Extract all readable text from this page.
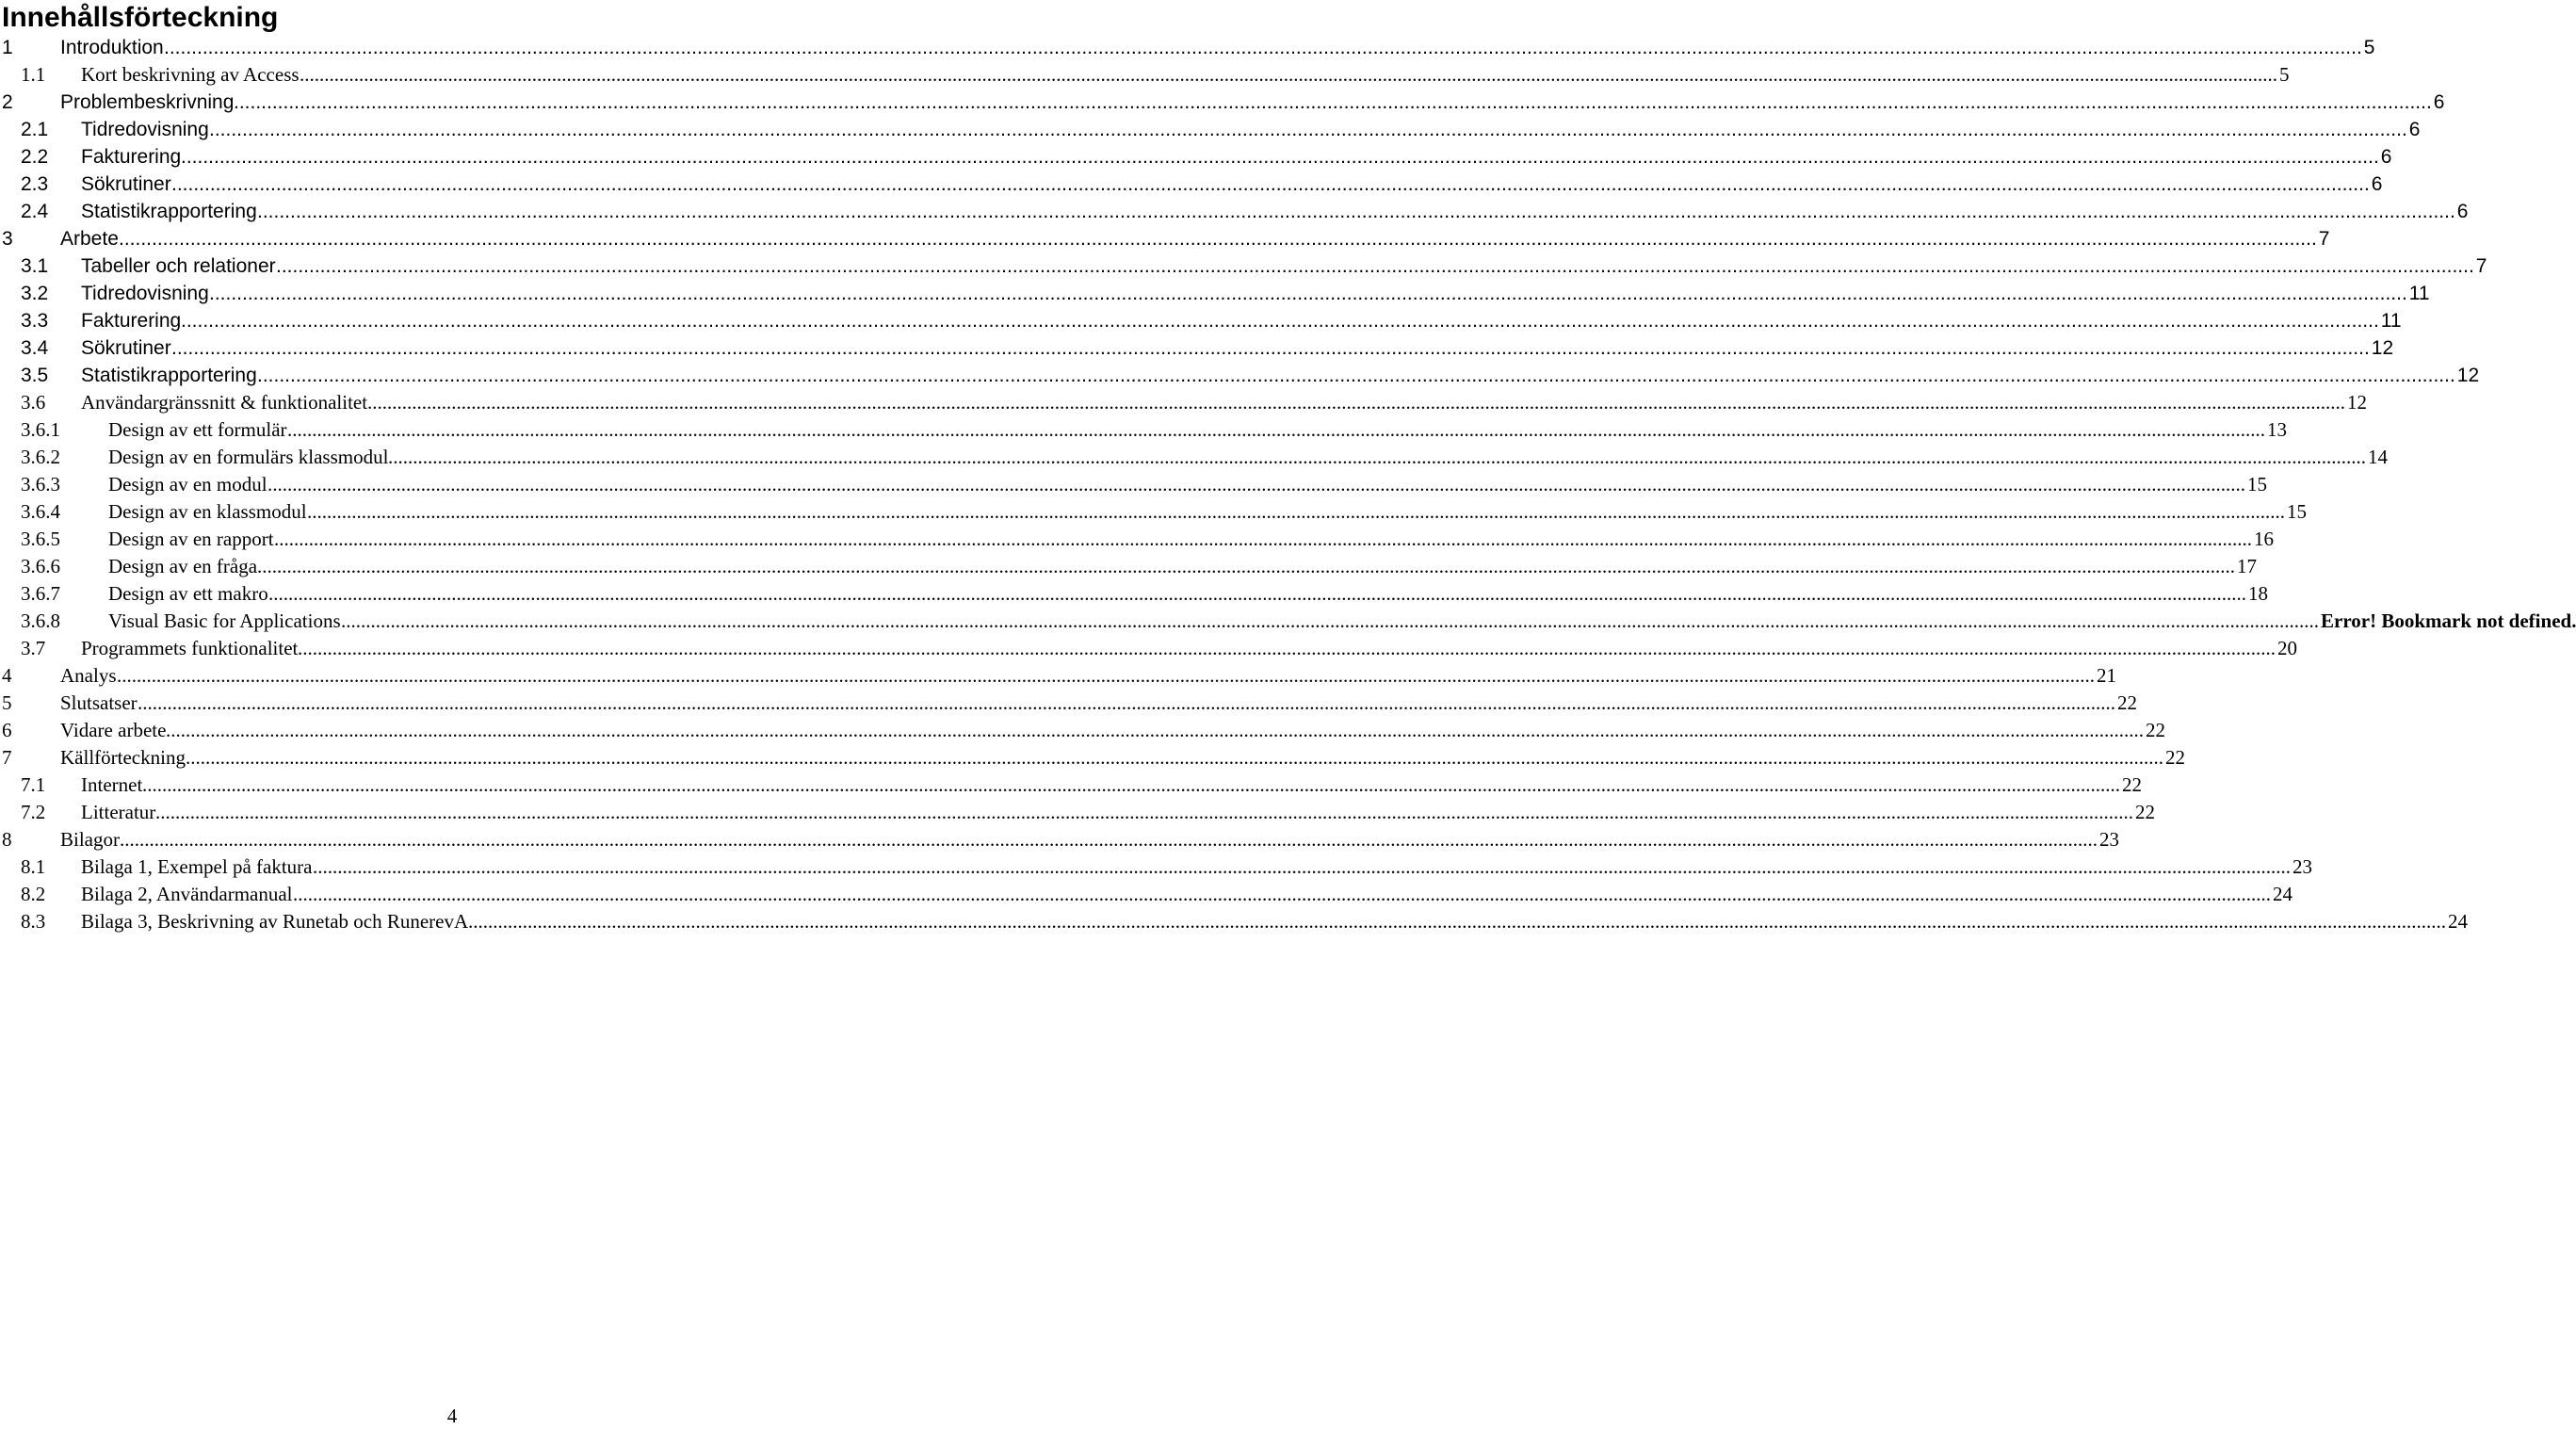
Innehållsförteckning
1 Introduktion ................................................................................................................................................................................................................................................................................................................................................................................................................ 5
1.1 Kort beskrivning av Access ................................................................................................................................................................................................................................................................................................................................................................................................................ 5
2 Problembeskrivning ................................................................................................................................................................................................................................................................................................................................................................................................................ 6
2.1 Tidredovisning ................................................................................................................................................................................................................................................................................................................................................................................................................ 6
2.2 Fakturering ................................................................................................................................................................................................................................................................................................................................................................................................................ 6
2.3 Sökrutiner ................................................................................................................................................................................................................................................................................................................................................................................................................ 6
2.4 Statistikrapportering ................................................................................................................................................................................................................................................................................................................................................................................................................ 6
3 Arbete ................................................................................................................................................................................................................................................................................................................................................................................................................ 7
3.1 Tabeller och relationer ................................................................................................................................................................................................................................................................................................................................................................................................................ 7
3.2 Tidredovisning ................................................................................................................................................................................................................................................................................................................................................................................................................ 11
3.3 Fakturering ................................................................................................................................................................................................................................................................................................................................................................................................................ 11
3.4 Sökrutiner ................................................................................................................................................................................................................................................................................................................................................................................................................ 12
3.5 Statistikrapportering ................................................................................................................................................................................................................................................................................................................................................................................................................ 12
3.6 Användargränssnitt & funktionalitet ................................................................................................................................................................................................................................................................................................................................................................................................................ 12
3.6.1 Design av ett formulär ................................................................................................................................................................................................................................................................................................................................................................................................................ 13
3.6.2 Design av en formulärs klassmodul ................................................................................................................................................................................................................................................................................................................................................................................................................ 14
3.6.3 Design av en modul ................................................................................................................................................................................................................................................................................................................................................................................................................ 15
3.6.4 Design av en klassmodul ................................................................................................................................................................................................................................................................................................................................................................................................................ 15
3.6.5 Design av en rapport ................................................................................................................................................................................................................................................................................................................................................................................................................ 16
3.6.6 Design av en fråga ................................................................................................................................................................................................................................................................................................................................................................................................................ 17
3.6.7 Design av ett makro ................................................................................................................................................................................................................................................................................................................................................................................................................ 18
3.6.8 Visual Basic for Applications ................................................................................................................................................................................................................................................................................................................................................................................................................ Error! Bookmark not defined.
3.7 Programmets funktionalitet ................................................................................................................................................................................................................................................................................................................................................................................................................ 20
4 Analys ................................................................................................................................................................................................................................................................................................................................................................................................................ 21
5 Slutsatser ................................................................................................................................................................................................................................................................................................................................................................................................................ 22
6 Vidare arbete ................................................................................................................................................................................................................................................................................................................................................................................................................ 22
7 Källförteckning ................................................................................................................................................................................................................................................................................................................................................................................................................ 22
7.1 Internet ................................................................................................................................................................................................................................................................................................................................................................................................................ 22
7.2 Litteratur ................................................................................................................................................................................................................................................................................................................................................................................................................ 22
8 Bilagor ................................................................................................................................................................................................................................................................................................................................................................................................................ 23
8.1 Bilaga 1, Exempel på faktura ................................................................................................................................................................................................................................................................................................................................................................................................................ 23
8.2 Bilaga 2, Användarmanual ................................................................................................................................................................................................................................................................................................................................................................................................................ 24
8.3 Bilaga 3, Beskrivning av Runetab och RunerevA ................................................................................................................................................................................................................................................................................................................................................................................................................ 24
4
